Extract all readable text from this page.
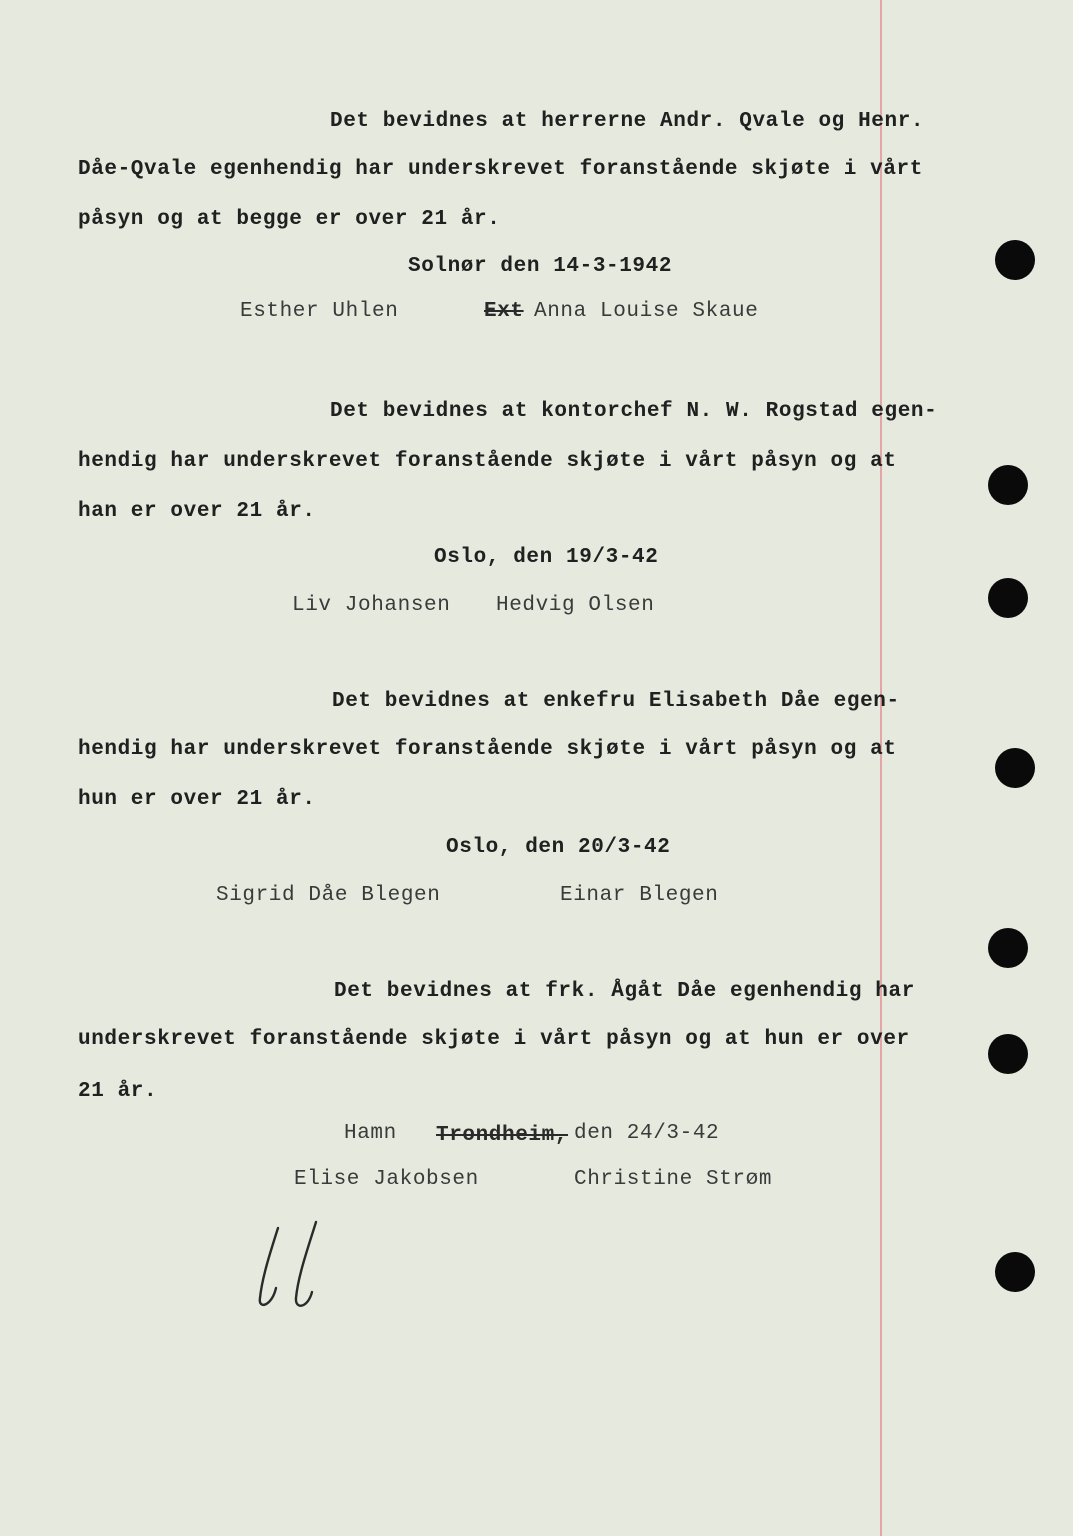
Det bevidnes at herrerne Andr. Qvale og Henr.
Dåe-Qvale egenhendig har underskrevet foranstående skjøte i vårt
påsyn og at begge er over 21 år.
Solnør den 14-3-1942
Esther Uhlen	Ext Anna Louise Skaue
Det bevidnes at kontorchef N. W. Rogstad egen-
hendig har underskrevet foranstående skjøte i vårt påsyn og at
han er over 21 år.
Oslo, den 19/3-42
Liv Johansen Hedvig Olsen
Det bevidnes at enkefru Elisabeth Dåe egen-
hendig har underskrevet foranstående skjøte i vårt påsyn og at
hun er over 21 år.
Oslo, den 20/3-42
Sigrid Dåe Blegen	Einar Blegen
Det bevidnes at frk. Ågåt Dåe egenhendig har
underskrevet foranstående skjøte i vårt påsyn og at hun er over
21 år.
Hamn Trondheim, den 24/3-42
Elise Jakobsen	Christine Strøm
